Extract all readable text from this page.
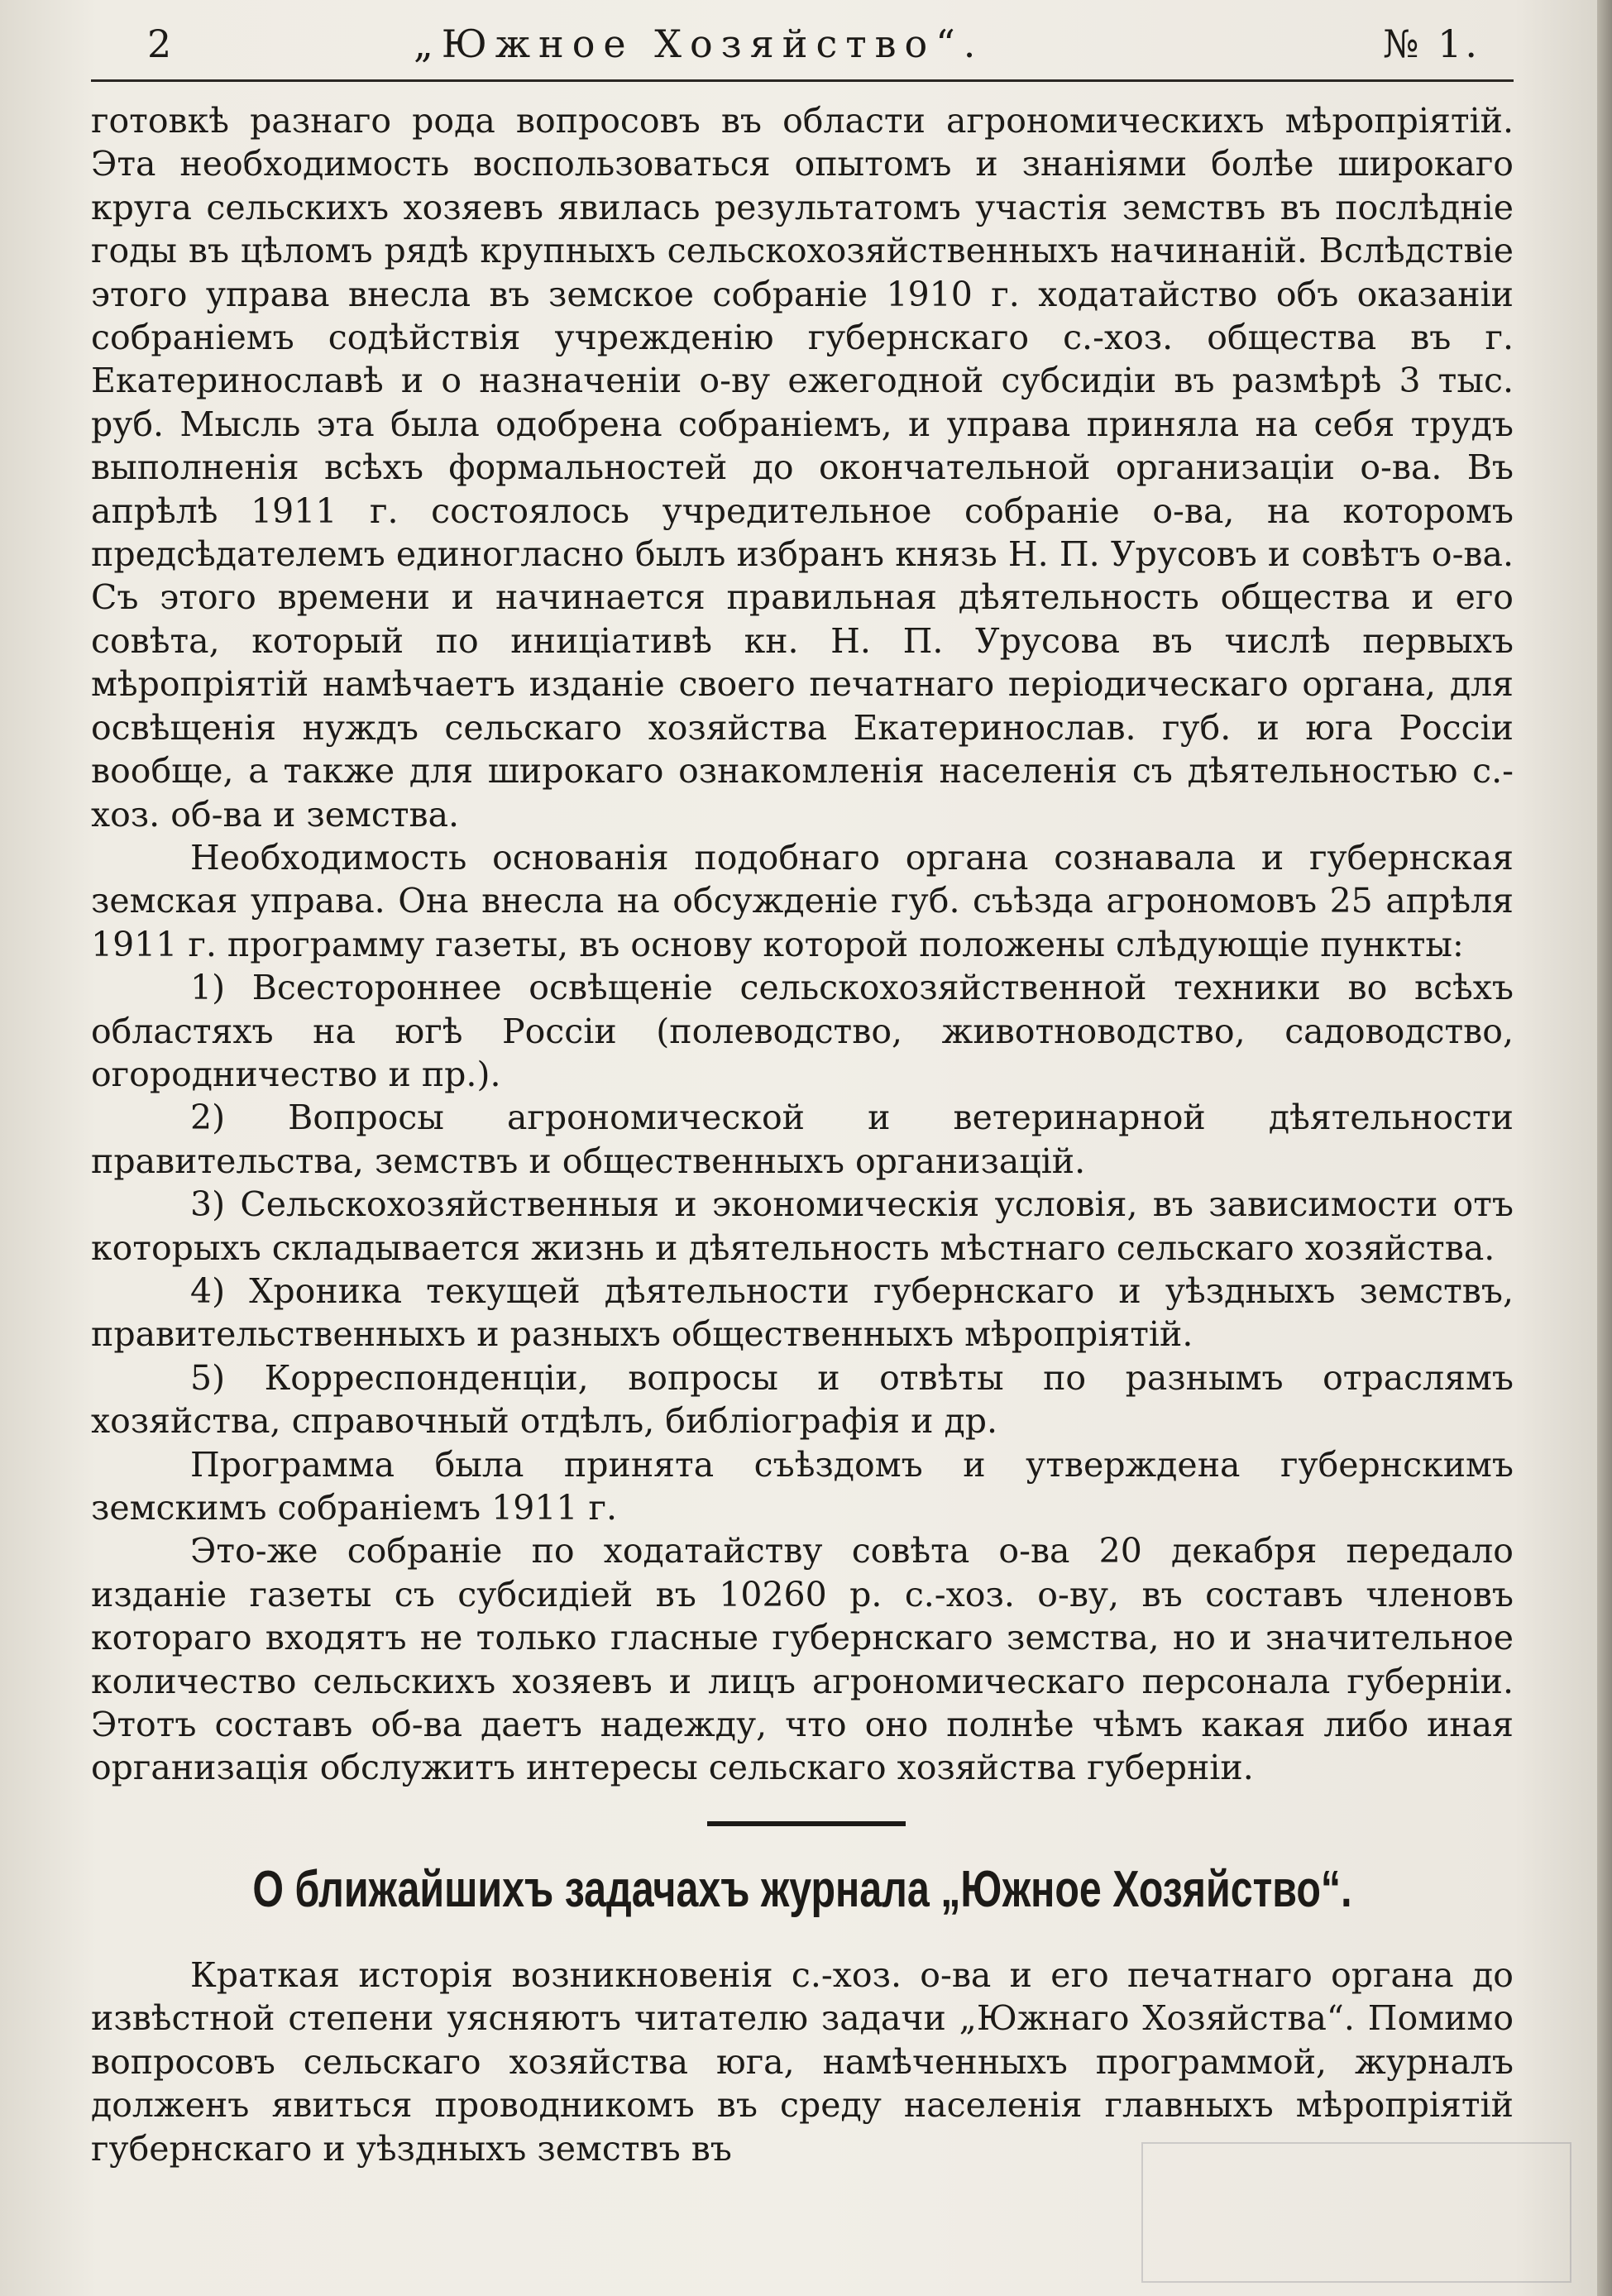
2	„Южное Хозяйство“.	№ 1.

готовкѣ разнаго рода вопросовъ въ области агрономическихъ мѣропріятій. Эта необходимость воспользоваться опытомъ и знаніями болѣе широкаго круга сельскихъ хозяевъ явилась результатомъ участія земствъ въ послѣдніе годы въ цѣломъ рядѣ крупныхъ сельскохозяйственныхъ начинаній. Вслѣдствіе этого управа внесла въ земское собраніе 1910 г. ходатайство объ оказаніи собраніемъ содѣйствія учрежденію губернскаго с.-хоз. общества въ г. Екатеринославѣ и о назначеніи о-ву ежегодной субсидіи въ размѣрѣ 3 тыс. руб. Мысль эта была одобрена собраніемъ, и управа приняла на себя трудъ выполненія всѣхъ формальностей до окончательной организаціи о-ва. Въ апрѣлѣ 1911 г. состоялось учредительное собраніе о-ва, на которомъ предсѣдателемъ единогласно былъ избранъ князь Н. П. Урусовъ и совѣтъ о-ва. Съ этого времени и начинается правильная дѣятельность общества и его совѣта, который по иниціативѣ кн. Н. П. Урусова въ числѣ первыхъ мѣропріятій намѣчаетъ изданіе своего печатнаго періодическаго органа, для освѣщенія нуждъ сельскаго хозяйства Екатеринослав. губ. и юга Россіи вообще, а также для широкаго ознакомленія населенія съ дѣятельностью с.-хоз. об-ва и земства.

Необходимость основанія подобнаго органа сознавала и губернская земская управа. Она внесла на обсужденіе губ. съѣзда агрономовъ 25 апрѣля 1911 г. программу газеты, въ основу которой положены слѣдующіе пункты:

1) Всестороннее освѣщеніе сельскохозяйственной техники во всѣхъ областяхъ на югѣ Россіи (полеводство, животноводство, садоводство, огородничество и пр.).

2) Вопросы агрономической и ветеринарной дѣятельности правительства, земствъ и общественныхъ организацій.

3) Сельскохозяйственныя и экономическія условія, въ зависимости отъ которыхъ складывается жизнь и дѣятельность мѣстнаго сельскаго хозяйства.

4) Хроника текущей дѣятельности губернскаго и уѣздныхъ земствъ, правительственныхъ и разныхъ общественныхъ мѣропріятій.

5) Корреспонденціи, вопросы и отвѣты по разнымъ отраслямъ хозяйства, справочный отдѣлъ, библіографія и др.

Программа была принята съѣздомъ и утверждена губернскимъ земскимъ собраніемъ 1911 г.

Это-же собраніе по ходатайству совѣта о-ва 20 декабря передало изданіе газеты съ субсидіей въ 10260 р. с.-хоз. о-ву, въ составъ членовъ котораго входятъ не только гласные губернскаго земства, но и значительное количество сельскихъ хозяевъ и лицъ агрономическаго персонала губерніи. Этотъ составъ об-ва даетъ надежду, что оно полнѣе чѣмъ какая либо иная организація обслужитъ интересы сельскаго хозяйства губерніи.

О ближайшихъ задачахъ журнала „Южное Хозяйство“.

Краткая исторія возникновенія с.-хоз. о-ва и его печатнаго органа до извѣстной степени уясняютъ читателю задачи „Южнаго Хозяйства“. Помимо вопросовъ сельскаго хозяйства юга, намѣченныхъ программой, журналъ долженъ явиться проводникомъ въ среду населенія главныхъ мѣропріятій губернскаго и уѣздныхъ земствъ въ
